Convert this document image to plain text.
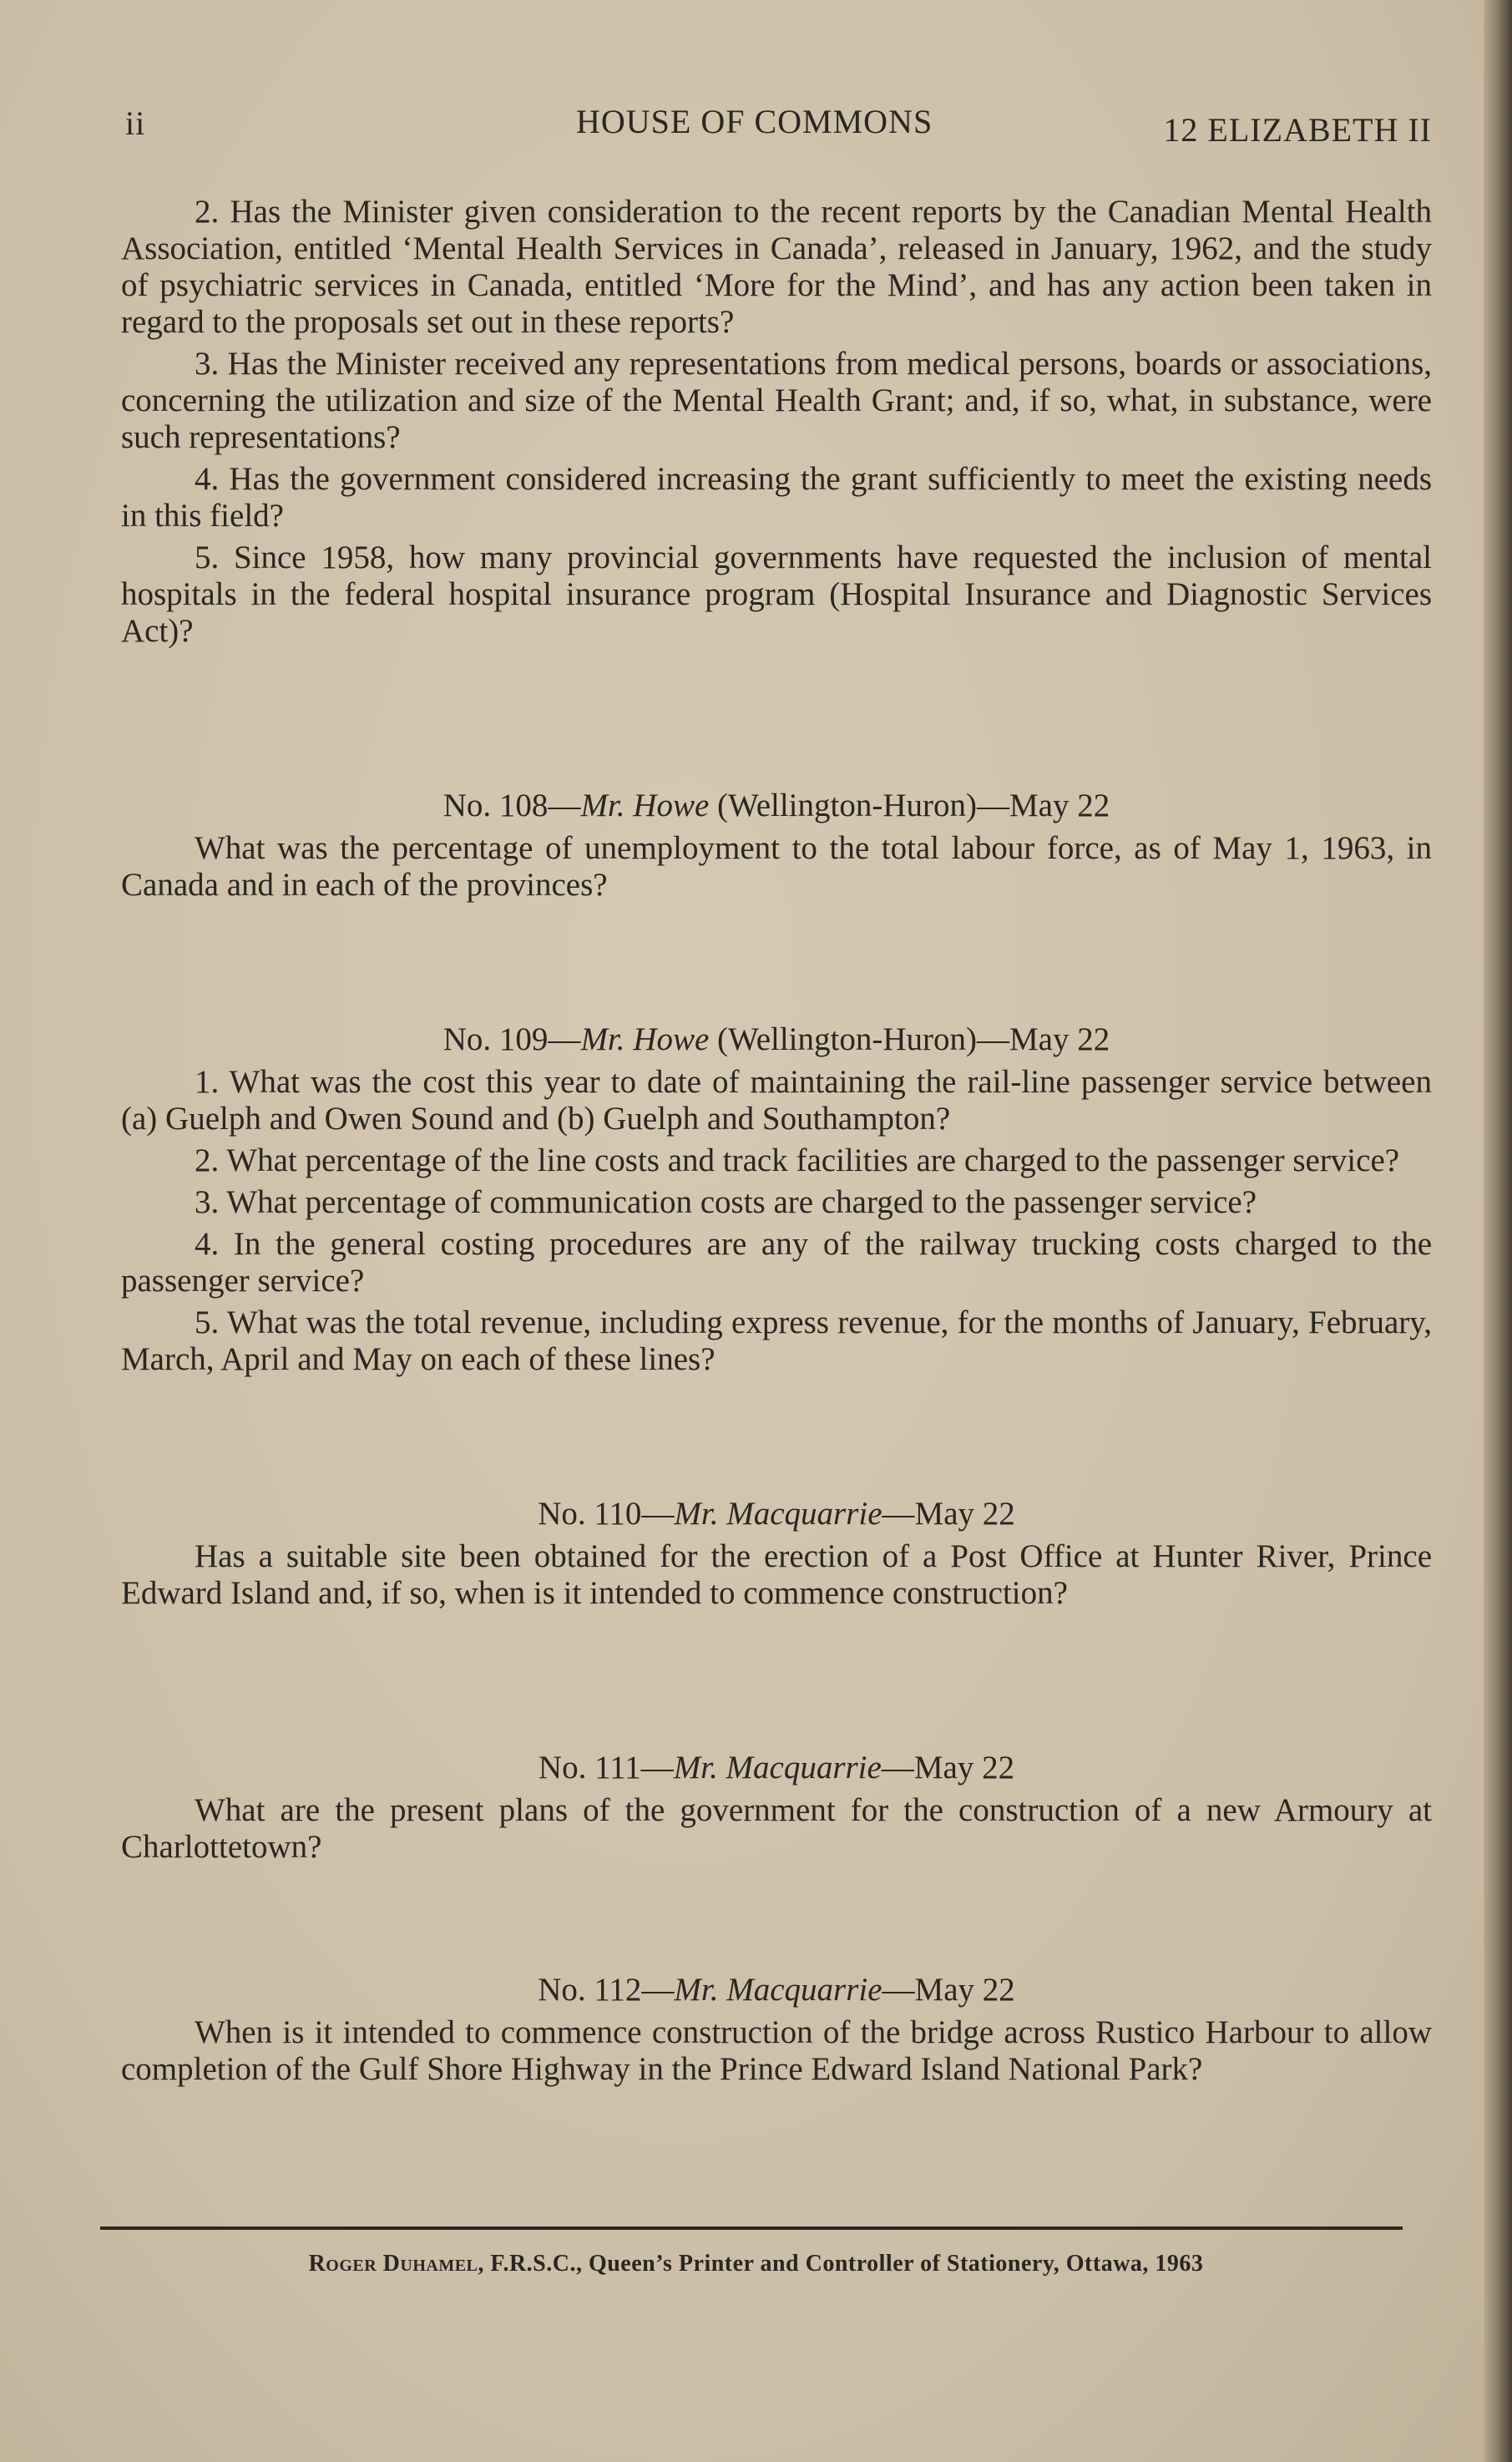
ii	HOUSE OF COMMONS	12 ELIZABETH II

2. Has the Minister given consideration to the recent reports by the Canadian Mental Health Association, entitled ‘Mental Health Services in Canada’, released in January, 1962, and the study of psychiatric services in Canada, entitled ‘More for the Mind’, and has any action been taken in regard to the proposals set out in these reports?

3. Has the Minister received any representations from medical persons, boards or associations, concerning the utilization and size of the Mental Health Grant; and, if so, what, in substance, were such representations?

4. Has the government considered increasing the grant sufficiently to meet the existing needs in this field?

5. Since 1958, how many provincial governments have requested the inclusion of mental hospitals in the federal hospital insurance program (Hospital Insurance and Diagnostic Services Act)?

No. 108—Mr. Howe (Wellington-Huron)—May 22

What was the percentage of unemployment to the total labour force, as of May 1, 1963, in Canada and in each of the provinces?

No. 109—Mr. Howe (Wellington-Huron)—May 22

1. What was the cost this year to date of maintaining the rail-line passenger service between (a) Guelph and Owen Sound and (b) Guelph and Southampton?

2. What percentage of the line costs and track facilities are charged to the passenger service?

3. What percentage of communication costs are charged to the passenger service?

4. In the general costing procedures are any of the railway trucking costs charged to the passenger service?

5. What was the total revenue, including express revenue, for the months of January, February, March, April and May on each of these lines?

No. 110—Mr. Macquarrie—May 22

Has a suitable site been obtained for the erection of a Post Office at Hunter River, Prince Edward Island and, if so, when is it intended to commence construction?

No. 111—Mr. Macquarrie—May 22

What are the present plans of the government for the construction of a new Armoury at Charlottetown?

No. 112—Mr. Macquarrie—May 22

When is it intended to commence construction of the bridge across Rustico Harbour to allow completion of the Gulf Shore Highway in the Prince Edward Island National Park?

Roger Duhamel, F.R.S.C., Queen’s Printer and Controller of Stationery, Ottawa, 1963
